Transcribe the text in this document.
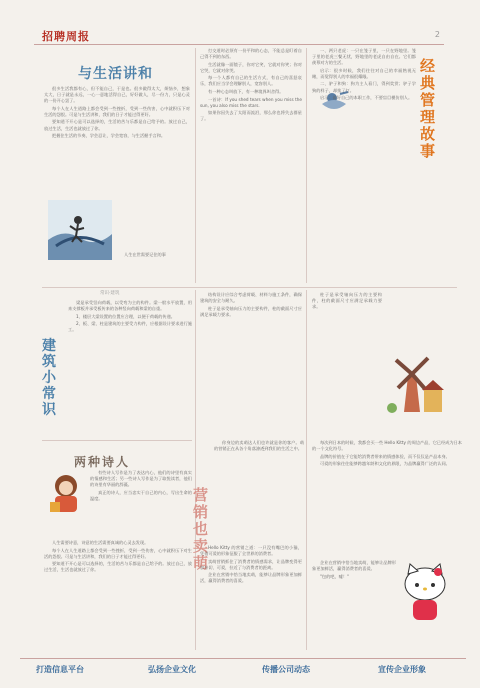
招聘周报	2
与生活讲和

很多生活我都有心，但不能自己，于是也。很多做得太大，烦恼多，想象太大，日子就是永远，一心一意地活得自己，好好做人，尽一份力，只是心灵的一份开心罢了。

每个人在人生道路上都会受到一些挫折，受到一些伤害，心中就积压下对生活的怨恨。可是与生活讲和，我们的日子才能过得更好。

要知道不开心是可以选择的，生活的苦与乐都是自己给予的。放过自己，放过生活，生活也就放过了你。

把握住生活的节奏，学会忍让，学会宽容，与生活握手言和。

人生在世需要记住的事

打交道时必须有一份平和的心态，不能总是盯着自己得不到的东西。

生活就像一面镜子，你对它笑，它就对你笑；你对它哭，它就对你哭。

每一个人都有自己的生活方式，有自己的喜怒哀乐，我们应当学会理解别人，宽容别人。

有一种心态叫放下，有一种境界叫舍得。

一首诗：If you shed tears when you miss the sun, you also miss the stars.

如果你因失去了太阳而流泪，那么你也将失去群星了。

一、两只老虎：一只在笼子里，一只在野地里。笼子里的老虎三餐无忧，野地里的老虎自由自在。它们都羡慕对方的生活。

启示：很多时候，我们往往对自己的幸福熟视无睹，而觉得别人的幸福很耀眼。

二、驴子和狗：狗为主人看门，得到奖赏；驴子学狗的样子，却挨了打。

启示：做好自己的本职工作，不要盲目模仿别人。

经典管理故事
常识·建筑
建筑小常识

梁是承受竖向荷载，以受弯为主的构件。梁一般水平放置，用来支撑板并承受板传来的各种竖向荷载和梁的自重。

1、楼层大梁设置的位置应合理，以便于荷载的传递。

2、板、梁、柱是建筑的主要受力构件，应根据设计要求进行施工。

结构设计应综合考虑荷载、材料与施工条件，确保建筑的安全与耐久。

柱子是承受轴向压力的主要构件，柱的截面尺寸应满足承载力要求。

柱子是承受轴向压力的主要构件，柱的截面尺寸应满足承载力要求。

两种诗人

有些诗人写作是为了表达内心，他们的诗里有真实的情感和生活；另一些诗人写作是为了取悦读者，他们的诗里有华丽的辞藻。

真正的诗人，应当忠实于自己的内心，写出生命的温度。

人生需要诗意，诗意的生活需要真诚的心灵去发现。

每个人在人生道路上都会受到一些挫折，受到一些伤害，心中就积压下对生活的怨恨。可是与生活讲和，我们的日子才能过得更好。

要知道不开心是可以选择的，生活的苦与乐都是自己给予的。放过自己，放过生活，生活也就放过了你。

你身边的卖萌达人们也许就是你的客户。萌的营销正在从各个角落渗透到我们的生活之中。

营销也卖萌

Hello Kitty 的营销之道：一只没有嘴巴的小猫，凭借可爱的形象征服了全世界的消费者。

卖萌营销抓住了消费者的情感需求，让品牌变得更加亲切、可爱，拉近了与消费者的距离。

企业在营销中恰当地卖萌，能够让品牌形象更加鲜活，赢得消费者的喜爱。

每次到日本的时候，我都会买一些 Hello Kitty 的周边产品，它已经成为日本的一个文化符号。

品牌的价值在于它能给消费者带来的情感体验，而不仅仅是产品本身。

可爱的形象往往能够跨越年龄和文化的界限，为品牌赢得广泛的认同。

企业在营销中恰当地卖萌，能够让品牌形象更加鲜活，赢得消费者的喜爱。

"包的吧，嘘！"

打造信息平台	弘扬企业文化	传播公司动态	宣传企业形象
